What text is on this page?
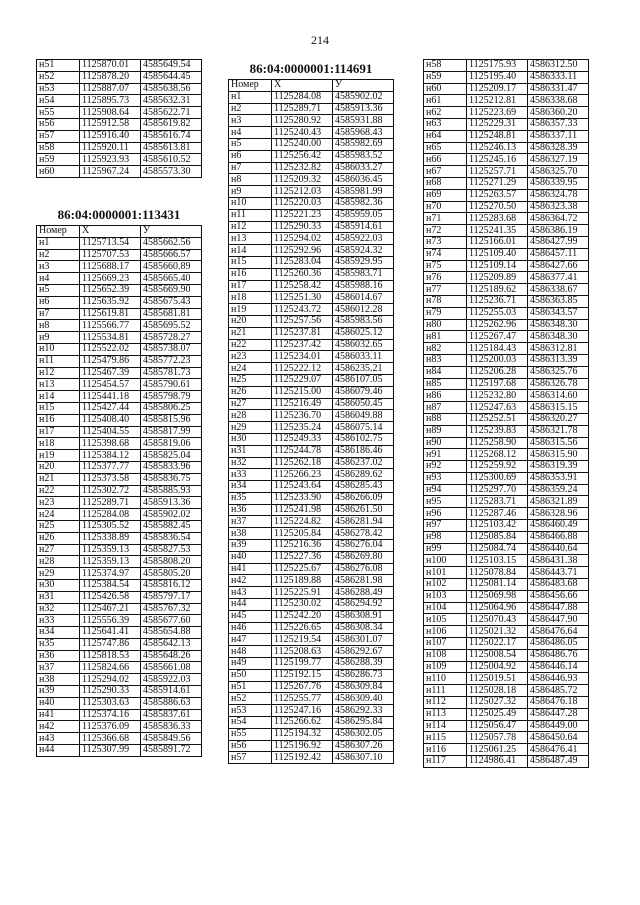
214
н51	1125870.01	4585649.54
н52	1125878.20	4585644.45
н53	1125887.07	4585638.56
н54	1125895.73	4585632.31
н55	1125908.64	4585622.71
н56	1125912.58	4585619.82
н57	1125916.40	4585616.74
н58	1125920.11	4585613.81
н59	1125923.93	4585610.52
н60	1125967.24	4585573.30
86:04:0000001:113431
Номер	X	У
н1	1125713.54	4585662.56
н2	1125707.53	4585666.57
н3	1125688.17	4585660.89
н4	1125669.23	4585665.40
н5	1125652.39	4585669.90
н6	1125635.92	4585675.43
н7	1125619.81	4585681.81
н8	1125566.77	4585695.52
н9	1125534.81	4585728.27
н10	1125522.02	4585738.07
н11	1125479.86	4585772.23
н12	1125467.39	4585781.73
н13	1125454.57	4585790.61
н14	1125441.18	4585798.79
н15	1125427.44	4585806.25
н16	1125408.40	4585815.96
н17	1125404.55	4585817.99
н18	1125398.68	4585819.06
н19	1125384.12	4585825.04
н20	1125377.77	4585833.96
н21	1125373.58	4585836.75
н22	1125302.72	4585885.93
н23	1125289.71	4585913.36
н24	1125284.08	4585902.02
н25	1125305.52	4585882.45
н26	1125338.89	4585836.54
н27	1125359.13	4585827.53
н28	1125359.13	4585808.20
н29	1125374.97	4585805.20
н30	1125384.54	4585816.12
н31	1125426.58	4585797.17
н32	1125467.21	4585767.32
н33	1125556.39	4585677.60
н34	1125641.41	4585654.88
н35	1125747.86	4585642.13
н36	1125818.53	4585648.26
н37	1125824.66	4585661.08
н38	1125294.02	4585922.03
н39	1125290.33	4585914.61
н40	1125303.63	4585886.63
н41	1125374.16	4585837.61
н42	1125376.09	4585836.33
н43	1125366.68	4585849.56
н44	1125307.99	4585891.72
86:04:0000001:114691
Номер	X	У
н1	1125284.08	4585902.02
н2	1125289.71	4585913.36
н3	1125280.92	4585931.88
н4	1125240.43	4585968.43
н5	1125240.00	4585982.69
н6	1125256.42	4585983.52
н7	1125232.82	4586033.27
н8	1125209.32	4586036.45
н9	1125212.03	4585981.99
н10	1125220.03	4585982.36
н11	1125221.23	4585959.05
н12	1125290.33	4585914.61
н13	1125294.02	4585922.03
н14	1125292.96	4585924.32
н15	1125283.04	4585929.95
н16	1125260.36	4585983.71
н17	1125258.42	4585988.16
н18	1125251.30	4586014.67
н19	1125243.72	4586012.28
н20	1125257.56	4585983.56
н21	1125237.81	4586025.12
н22	1125237.42	4586032.65
н23	1125234.01	4586033.11
н24	1125222.12	4586235.21
н25	1125229.07	4586107.05
н26	1125215.00	4586079.46
н27	1125216.49	4586050.45
н28	1125236.70	4586049.88
н29	1125235.24	4586075.14
н30	1125249.33	4586102.75
н31	1125244.78	4586186.46
н32	1125262.18	4586237.02
н33	1125266.23	4586289.62
н34	1125243.64	4586285.43
н35	1125233.90	4586266.09
н36	1125241.98	4586261.50
н37	1125224.82	4586281.94
н38	1125205.84	4586278.42
н39	1125216.36	4586276.04
н40	1125227.36	4586269.80
н41	1125225.67	4586276.08
н42	1125189.88	4586281.98
н43	1125225.91	4586288.49
н44	1125230.02	4586294.92
н45	1125242.20	4586308.91
н46	1125226.65	4586308.34
н47	1125219.54	4586301.07
н48	1125208.63	4586292.67
н49	1125199.77	4586288.39
н50	1125192.15	4586286.73
н51	1125267.76	4586309.84
н52	1125255.77	4586309.40
н53	1125247.16	4586292.33
н54	1125266.62	4586295.84
н55	1125194.32	4586302.05
н56	1125196.92	4586307.26
н57	1125192.42	4586307.10
н58	1125175.93	4586312.50
н59	1125195.40	4586333.11
н60	1125209.17	4586331.47
н61	1125212.81	4586338.68
н62	1125223.69	4586360.20
н63	1125229.31	4586357.33
н64	1125248.81	4586337.11
н65	1125246.13	4586328.39
н66	1125245.16	4586327.19
н67	1125257.71	4586325.70
н68	1125271.29	4586339.95
н69	1125263.57	4586324.78
н70	1125270.50	4586323.38
н71	1125283.68	4586364.72
н72	1125241.35	4586386.19
н73	1125166.01	4586427.99
н74	1125109.40	4586457.11
н75	1125109.14	4586427.66
н76	1125209.89	4586377.41
н77	1125189.62	4586338.67
н78	1125236.71	4586363.85
н79	1125255.03	4586343.57
н80	1125262.96	4586348.30
н81	1125267.47	4586348.30
н82	1125184.43	4586312.81
н83	1125200.03	4586313.39
н84	1125206.28	4586325.76
н85	1125197.68	4586326.78
н86	1125232.80	4586314.60
н87	1125247.63	4586315.15
н88	1125252.51	4586320.27
н89	1125239.83	4586321.78
н90	1125258.90	4586315.56
н91	1125268.12	4586315.90
н92	1125259.92	4586319.39
н93	1125300.69	4586353.91
н94	1125297.70	4586359.24
н95	1125283.71	4586321.89
н96	1125287.46	4586328.96
н97	1125103.42	4586460.49
н98	1125085.84	4586466.88
н99	1125084.74	4586440.64
н100	1125103.15	4586431.38
н101	1125078.84	4586443.71
н102	1125081.14	4586483.68
н103	1125069.98	4586456.66
н104	1125064.96	4586447.88
н105	1125070.43	4586447.90
н106	1125021.32	4586476.64
н107	1125022.17	4586486.05
н108	1125008.54	4586486.76
н109	1125004.92	4586446.14
н110	1125019.51	4586446.93
н111	1125028.18	4586485.72
н112	1125027.32	4586476.18
н113	1125025.49	4586447.28
н114	1125056.47	4586449.00
н115	1125057.78	4586450.64
н116	1125061.25	4586476.41
н117	1124986.41	4586487.49
